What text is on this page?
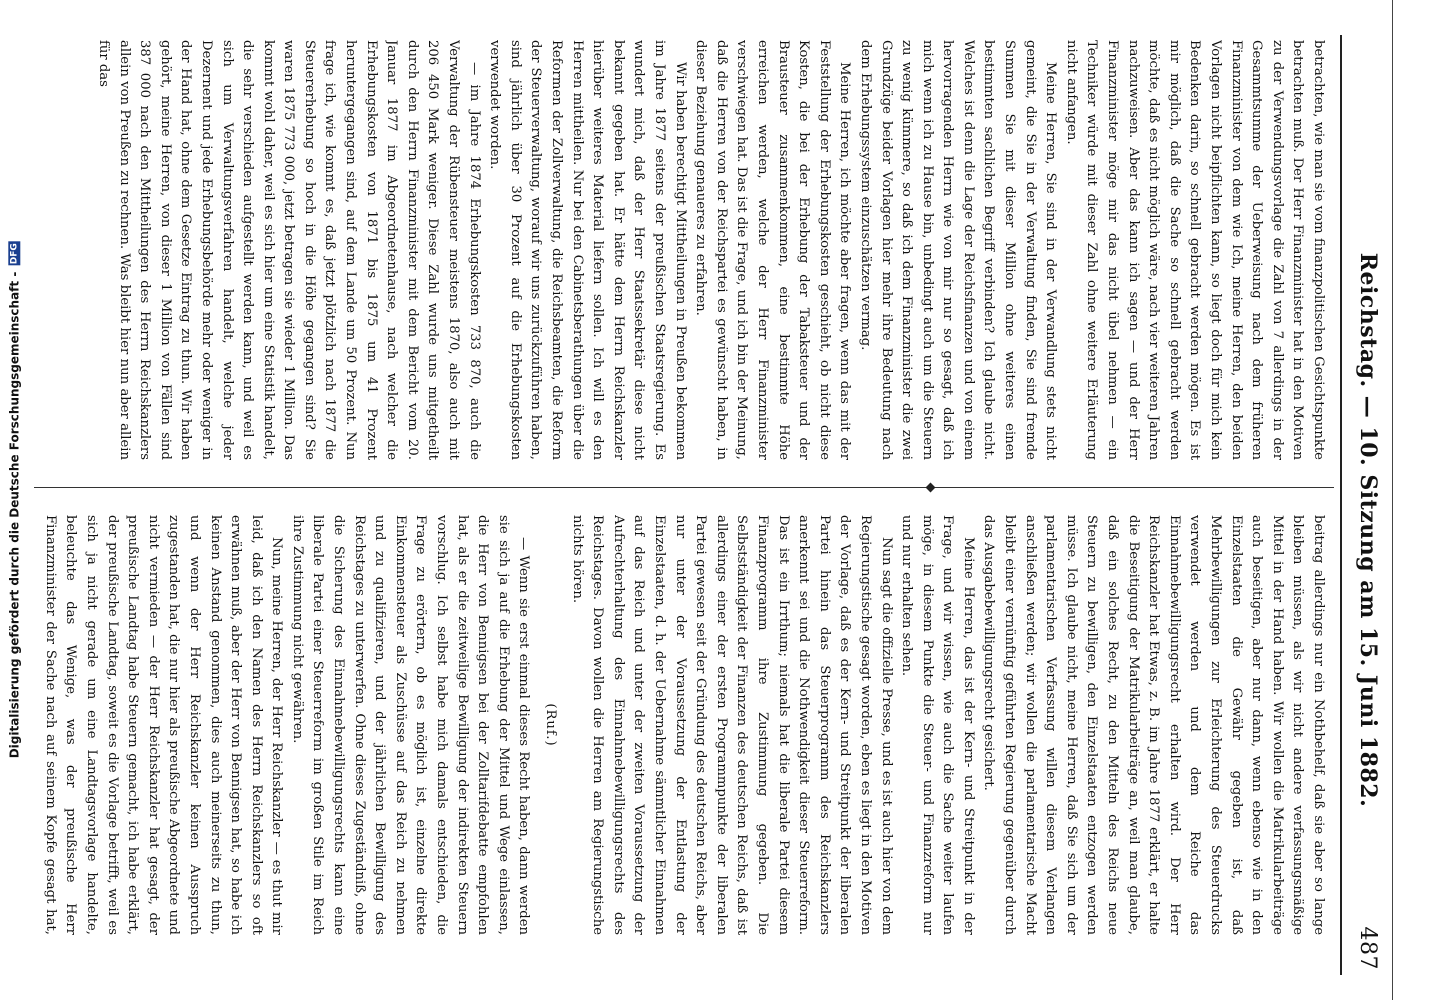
Reichstag. — 10. Sitzung am 15. Juni 1882.
487

betrachten, wie man sie vom finanzpolitischen Gesichtspunkte betrachten muß. Der Herr Finanzminister hat in den Motiven zu der Verwendungsvorlage die Zahl von 7 allerdings in der Gesammtsumme der Ueberweisung nach dem früheren Finanzminister von dem wie Ich, meine Herren, den beiden Vorlagen nicht beipflichten kann, so liegt doch für mich kein Bedenken darin, so schnell gebracht werden mögen. Es ist mir möglich, daß die Sache so schnell gebracht werden möchte, daß es nicht möglich wäre, nach vier weiteren Jahren nachzuweisen. Aber das kann ich sagen — und der Herr Finanzminister möge mir das nicht übel nehmen — ein Techniker würde mit dieser Zahl ohne weitere Erläuterung nicht anfangen.

Meine Herren, Sie sind in der Verwandlung stets nicht gemeint, die Sie in der Verwaltung finden, Sie sind fremde Summen Sie mit dieser Million ohne weiteres einen bestimmten sachlichen Begriff verbinden? Ich glaube nicht. Welches ist denn die Lage der Reichsfinanzen und von einem hervorragenden Herrn wie von mir nur so gesagt, daß ich mich wenn ich zu Hause bin, unbedingt auch um die Steuern zu wenig kümmere, so daß ich dem Finanzminister die zwei Grundzüge beider Vorlagen hier mehr ihre Bedeutung nach dem Erhebungssystem einzuschätzen vermag.

Meine Herren, ich möchte aber fragen, wenn das mit der Feststellung der Erhebungskosten geschieht, ob nicht diese Kosten, die bei der Erhebung der Tabaksteuer und der Brausteuer zusammenkommen, eine bestimmte Höhe erreichen werden, welche der Herr Finanzminister verschwiegen hat. Das ist die Frage, und ich bin der Meinung, daß die Herren von der Reichspartei es gewünscht haben, in dieser Beziehung genaueres zu erfahren.

Wir haben berechtigt Mittheilungen in Preußen bekommen im Jahre 1877 seitens der preußischen Staatsregierung. Es wundert mich, daß der Herr Staatssekretär diese nicht bekannt gegeben hat. Er hätte dem Herrn Reichskanzler hierüber weiteres Material liefern sollen. Ich will es den Herren mittheilen. Nur bei den Cabinetsberathungen über die Reformen der Zollverwaltung, die Reichsbeamten, die Reform der Steuerverwaltung, worauf wir uns zurückzuführen haben, sind jährlich über 30 Prozent auf die Erhebungskosten verwendet worden.

— im Jahre 1874 Erhebungskosten 733 870, auch die Verwaltung der Rübensteuer meistens 1870, also auch mit 206 450 Mark weniger. Diese Zahl wurde uns mitgetheilt durch den Herrn Finanzminister mit dem Bericht vom 20. Januar 1877 im Abgeordnetenhause, nach welcher die Erhebungskosten von 1871 bis 1875 um 41 Prozent heruntergegangen sind, auf dem Lande um 50 Prozent. Nun frage ich, wie kommt es, daß jetzt plötzlich nach 1877 die Steuererhebung so hoch in die Höhe gegangen sind? Sie waren 1875 773 000, jetzt betragen sie wieder 1 Million. Das kommt wohl daher, weil es sich hier um eine Statistik handelt, die sehr verschieden aufgestellt werden kann, und weil es sich um Verwaltungsverfahren handelt, welche jeder Dezernent und jede Erhebungsbehörde mehr oder weniger in der Hand hat, ohne dem Gesetze Eintrag zu thun. Wir haben gehört, meine Herren, von dieser 1 Million von Fällen sind 387 000 nach den Mittheilungen des Herrn Reichskanzlers allein von Preußen zu rechnen. Was bleibt hier nun aber allein für das

beitrag allerdings nur ein Nothbehelf, daß sie aber so lange bleiben müssen, als wir nicht andere verfassungsmäßige Mittel in der Hand haben. Wir wollen die Matrikularbeiträge auch beseitigen, aber nur dann, wenn ebenso wie in den Einzelstaaten die Gewähr gegeben ist, daß Mehrbewilligungen zur Erleichterung des Steuerdrucks verwendet werden und dem Reiche das Einnahmebewilligungsrecht erhalten wird. Der Herr Reichskanzler hat Etwas, z. B. im Jahre 1877 erklärt, er halte die Beseitigung der Matrikularbeiträge an, weil man glaube, daß ein solches Recht, zu den Mitteln des Reichs neue Steuern zu bewilligen, den Einzelstaaten entzogen werden müsse. Ich glaube nicht, meine Herren, daß Sie sich um der parlamentarischen Verfassung willen diesem Verlangen anschließen werden; wir wollen die parlamentarische Macht bleibt einer vernünftig geführten Regierung gegenüber durch das Ausgabebewilligungsrecht gesichert.

Meine Herren, das ist der Kern- und Streitpunkt in der Frage, und wir wissen, wie auch die Sache weiter laufen möge, in diesem Punkte die Steuer- und Finanzreform nur und nur erhalten sehen.

Nun sagt die offizielle Presse, und es ist auch hier von dem Regierungstische gesagt worden, eben es liegt in den Motiven der Vorlage, daß es der Kern- und Streitpunkt der liberalen Partei hinein das Steuerprogramm des Reichskanzlers anerkennt sei und die Nothwendigkeit dieser Steuerreform. Das ist ein Irrthum; niemals hat die liberale Partei diesem Finanzprogramm ihre Zustimmung gegeben. Die Selbstständigkeit der Finanzen des deutschen Reichs, daß ist allerdings einer der ersten Programmpunkte der liberalen Partei gewesen seit der Gründung des deutschen Reichs, aber nur unter der Voraussetzung der Entlastung der Einzelstaaten, d. h. der Uebernahme sämmtlicher Einnahmen auf das Reich und unter der zweiten Voraussetzung der Aufrechterhaltung des Einnahmebewilligungsrechts des Reichstages. Davon wollen die Herren am Regierungstische nichts hören.

(Ruf.)

— Wenn sie erst einmal dieses Recht haben, dann werden sie sich ja auf die Erhebung der Mittel und Wege einlassen, die Herr von Bennigsen bei der Zolltarifdebatte empfohlen hat, als er die zeitweilige Bewilligung der indirekten Steuern vorschlug. Ich selbst habe mich damals entschieden, die Frage zu erörtern, ob es möglich ist, einzelne direkte Einkommensteuer als Zuschüsse auf das Reich zu nehmen und zu qualifizieren, und der jährlichen Bewilligung des Reichstages zu unterwerfen. Ohne dieses Zugeständniß, ohne die Sicherung des Einnahmebewilligungsrechts kann eine liberale Partei einer Steuerreform im großen Stile im Reich ihre Zustimmung nicht gewähren.

Nun, meine Herren, der Herr Reichskanzler — es thut mir leid, daß ich den Namen des Herrn Reichskanzlers so oft erwähnen muß, aber der Herr von Bennigsen hat, so habe ich keinen Anstand genommen, dies auch meinerseits zu thun, und wenn der Herr Reichskanzler keinen Ausspruch zugestanden hat, die nur hier als preußische Abgeordnete und nicht vermieden — der Herr Reichskanzler hat gesagt, der preußische Landtag habe Steuern gemacht, ich habe erklärt, der preußische Landtag, soweit es die Vorlage betrifft, weil es sich ja nicht gerade um eine Landtagsvorlage handelte, beleuchte das Wenige, was der preußische Herr Finanzminister der Sache nach auf seinem Kopfe gesagt hat,

Digitalisierung gefördert durch die Deutsche Forschungsgemeinschaft -
DFG
